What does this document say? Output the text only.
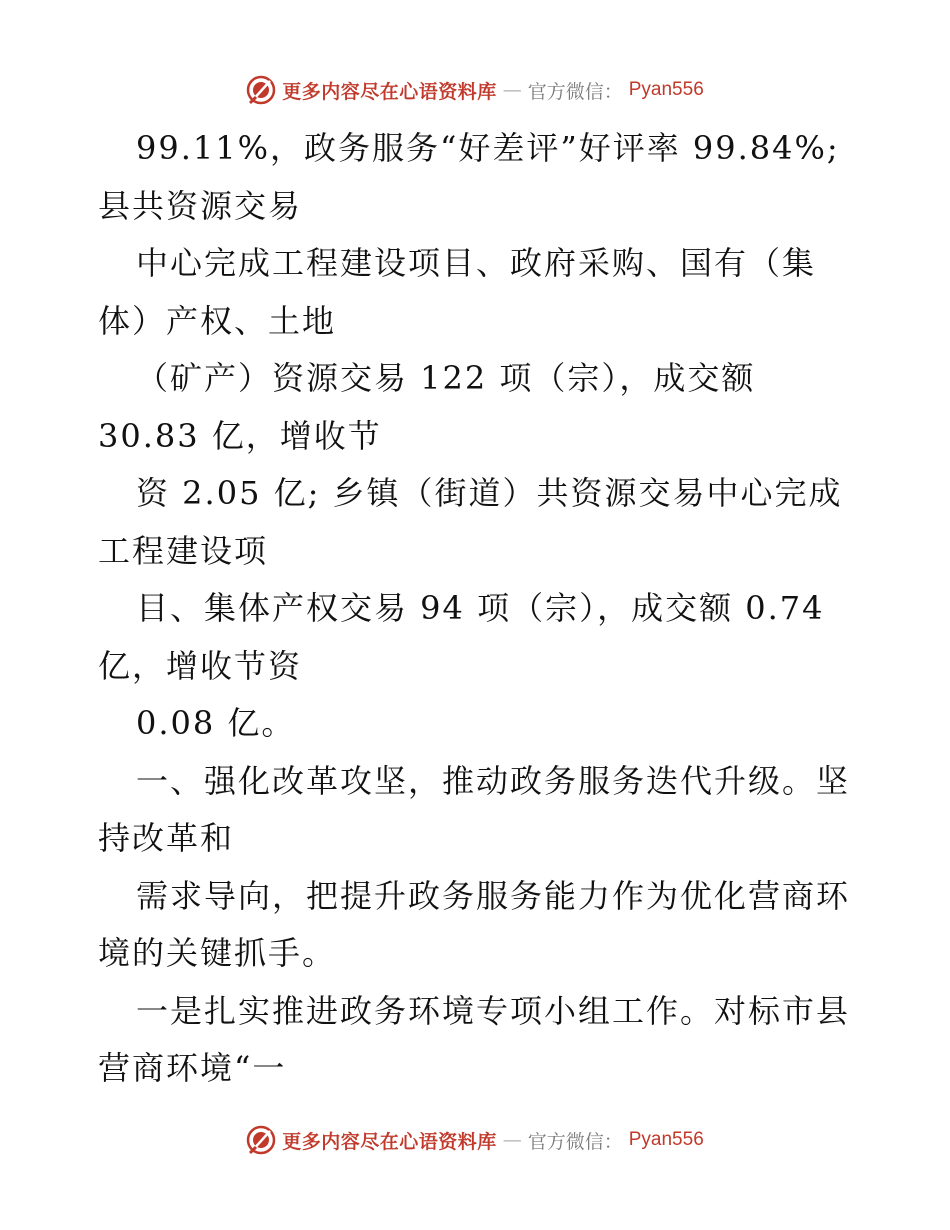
更多内容尽在心语资料库 — 官方微信： Pyan556
99.11%，政务服务“好差评”好评率 99.84%;
县共资源交易
中心完成工程建设项目、政府采购、国有（集
体）产权、土地
（矿产）资源交易 122 项（宗），成交额
30.83 亿，增收节
资 2.05 亿; 乡镇（街道）共资源交易中心完成
工程建设项
目、集体产权交易 94 项（宗），成交额 0.74
亿，增收节资
0.08 亿。
一、强化改革攻坚，推动政务服务迭代升级。坚
持改革和
需求导向，把提升政务服务能力作为优化营商环
境的关键抓手。
一是扎实推进政务环境专项小组工作。对标市县
营商环境“一
更多内容尽在心语资料库 — 官方微信： Pyan556
